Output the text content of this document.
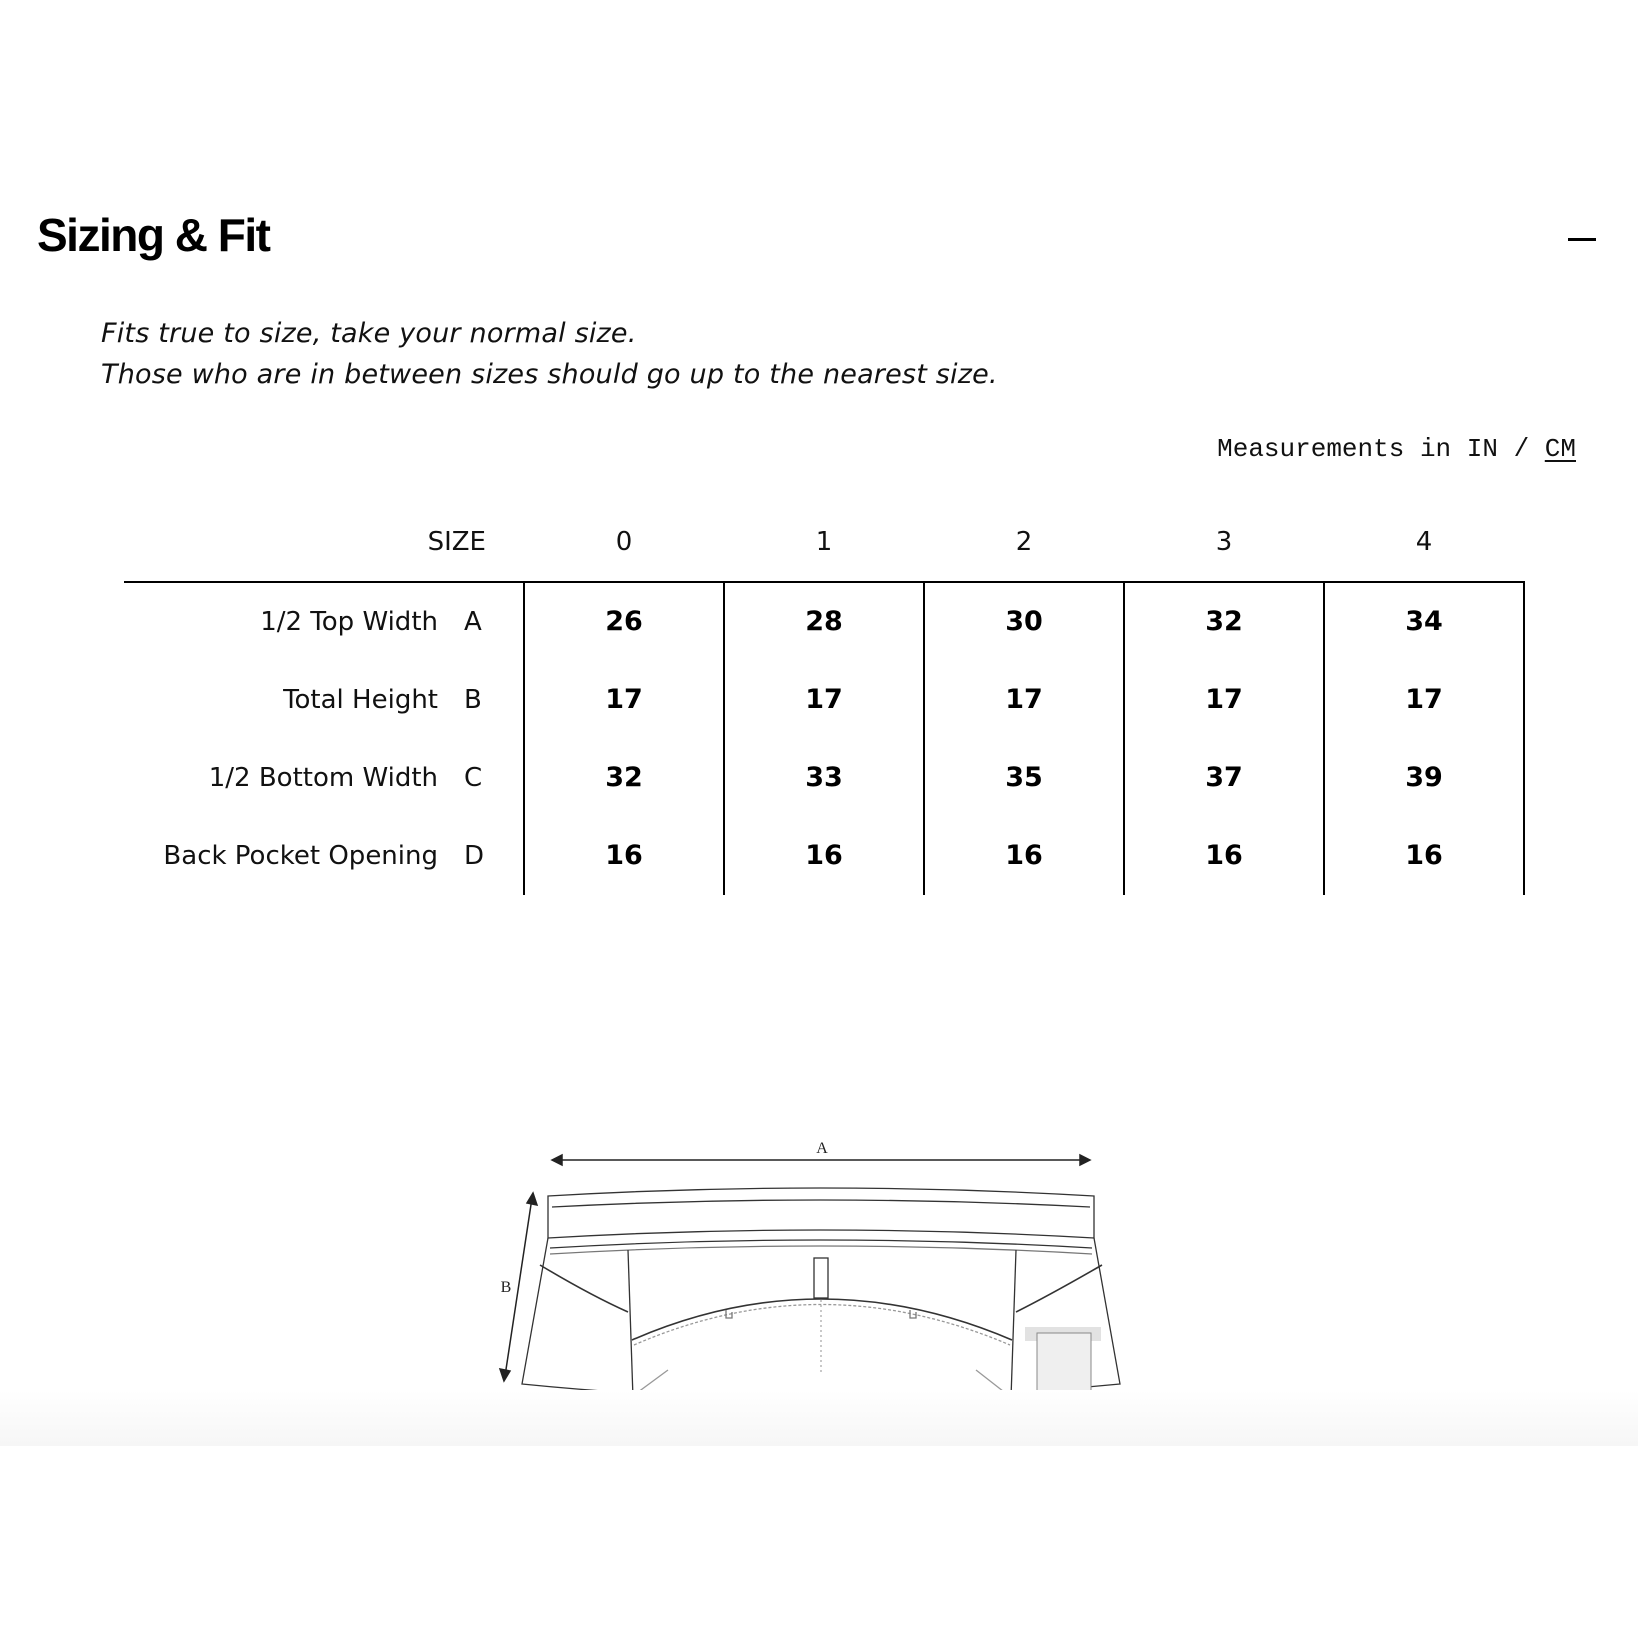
Sizing & Fit
Fits true to size, take your normal size.
Those who are in between sizes should go up to the nearest size.
Measurements in IN / CM
SIZE	0	1	2	3	4
1/2 Top Width A	26	28	30	32	34
Total Height B	17	17	17	17	17
1/2 Bottom Width C	32	33	35	37	39
Back Pocket Opening D	16	16	16	16	16
A
B
